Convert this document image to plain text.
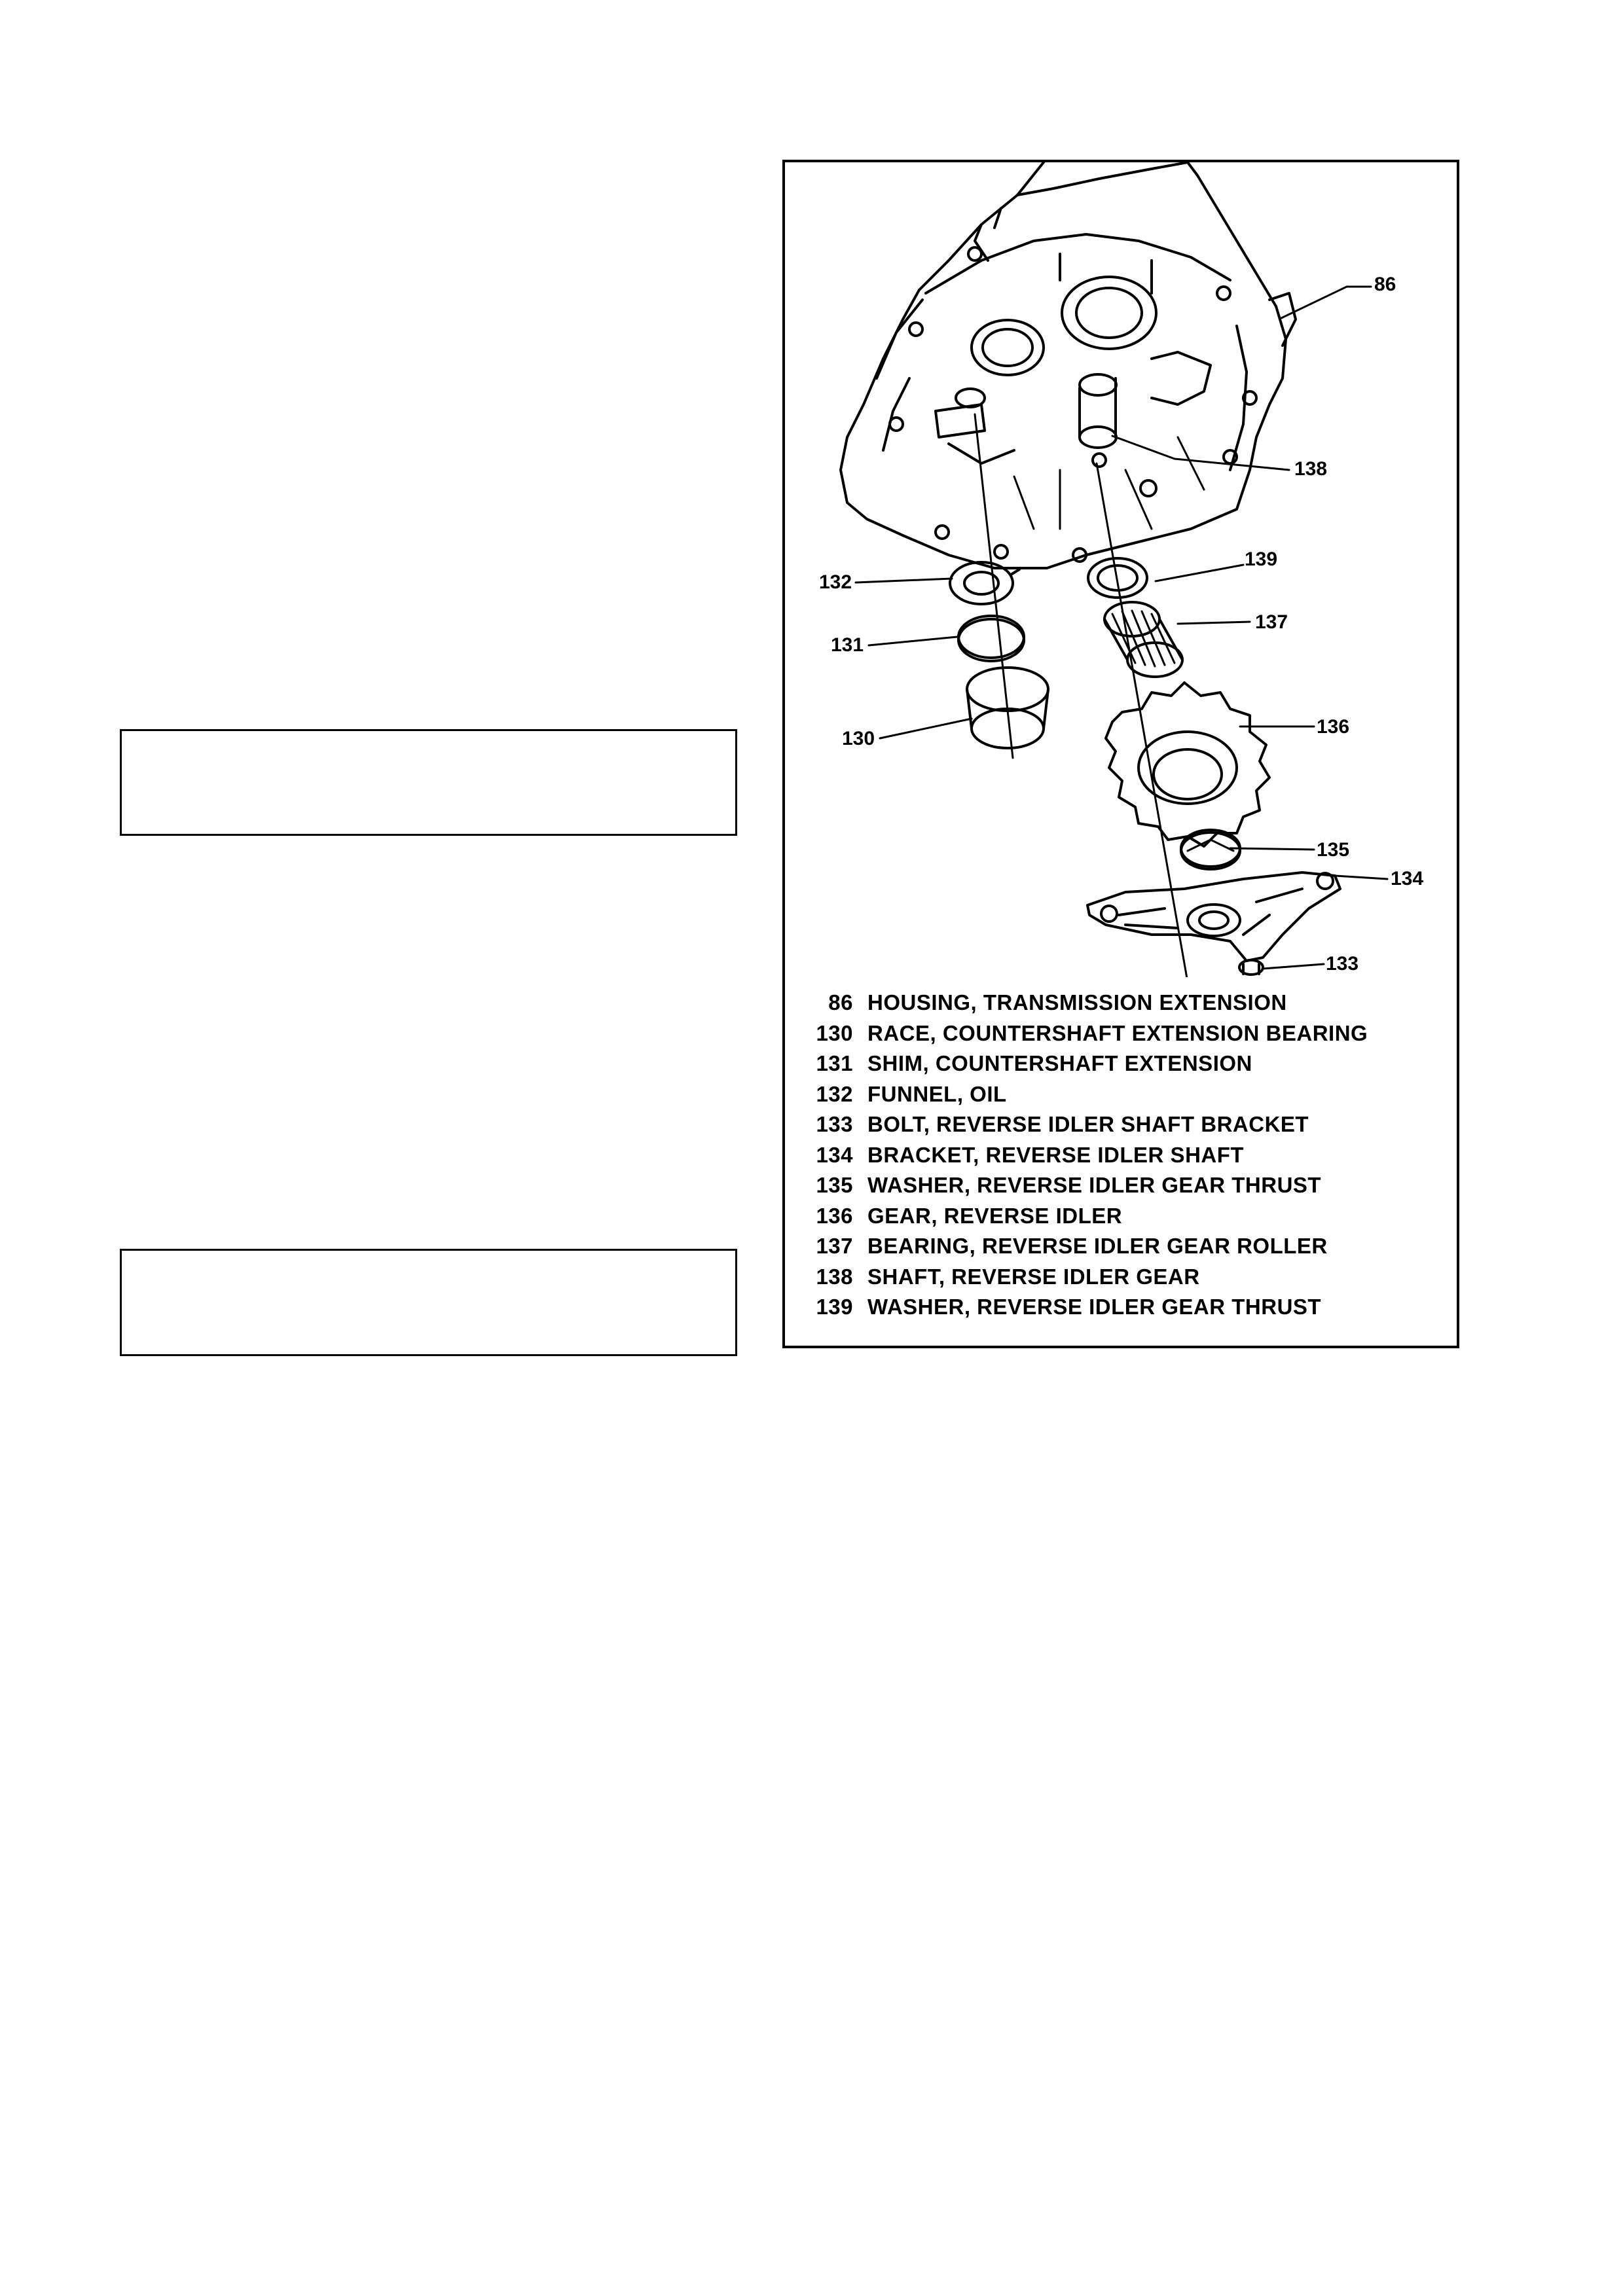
86
138
139
132
137
131
136
130
135
134
133
86 HOUSING, TRANSMISSION EXTENSION
130 RACE, COUNTERSHAFT EXTENSION BEARING
131 SHIM, COUNTERSHAFT EXTENSION
132 FUNNEL, OIL
133 BOLT, REVERSE IDLER SHAFT BRACKET
134 BRACKET, REVERSE IDLER SHAFT
135 WASHER, REVERSE IDLER GEAR THRUST
136 GEAR, REVERSE IDLER
137 BEARING, REVERSE IDLER GEAR ROLLER
138 SHAFT, REVERSE IDLER GEAR
139 WASHER, REVERSE IDLER GEAR THRUST
